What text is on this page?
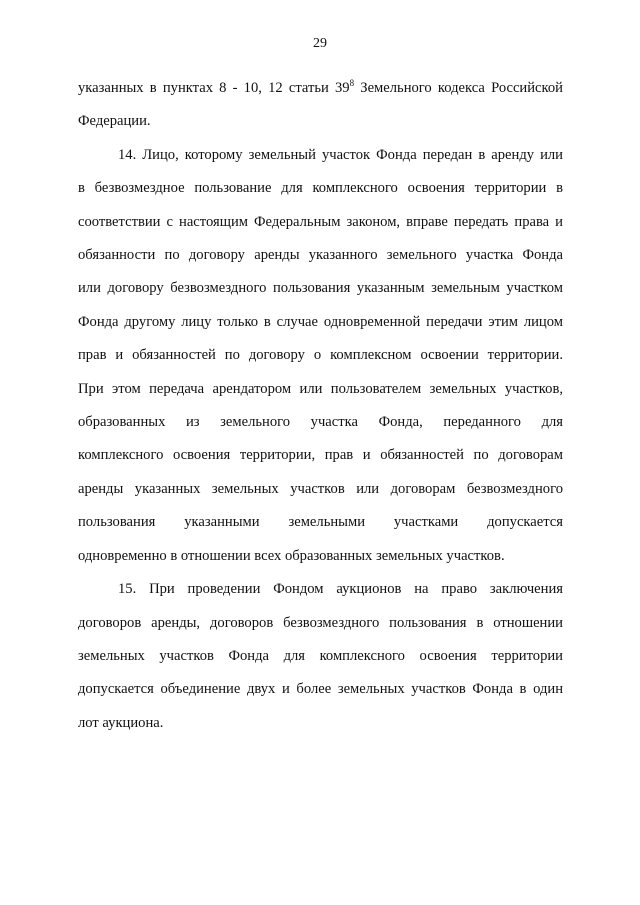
29

указанных в пунктах 8 - 10, 12 статьи $39^8$ Земельного кодекса Российской
Федерации.

14. Лицо, которому земельный участок Фонда передан в аренду или
в безвозмездное пользование для комплексного освоения территории в
соответствии с настоящим Федеральным законом, вправе передать права и
обязанности по договору аренды указанного земельного участка Фонда
или договору безвозмездного пользования указанным земельным участком
Фонда другому лицу только в случае одновременной передачи этим лицом
прав и обязанностей по договору о комплексном освоении территории.
При этом передача арендатором или пользователем земельных участков,
образованных из земельного участка Фонда, переданного для
комплексного освоения территории, прав и обязанностей по договорам
аренды указанных земельных участков или договорам безвозмездного
пользования указанными земельными участками допускается
одновременно в отношении всех образованных земельных участков.

15. При проведении Фондом аукционов на право заключения
договоров аренды, договоров безвозмездного пользования в отношении
земельных участков Фонда для комплексного освоения территории
допускается объединение двух и более земельных участков Фонда в один
лот аукциона.
